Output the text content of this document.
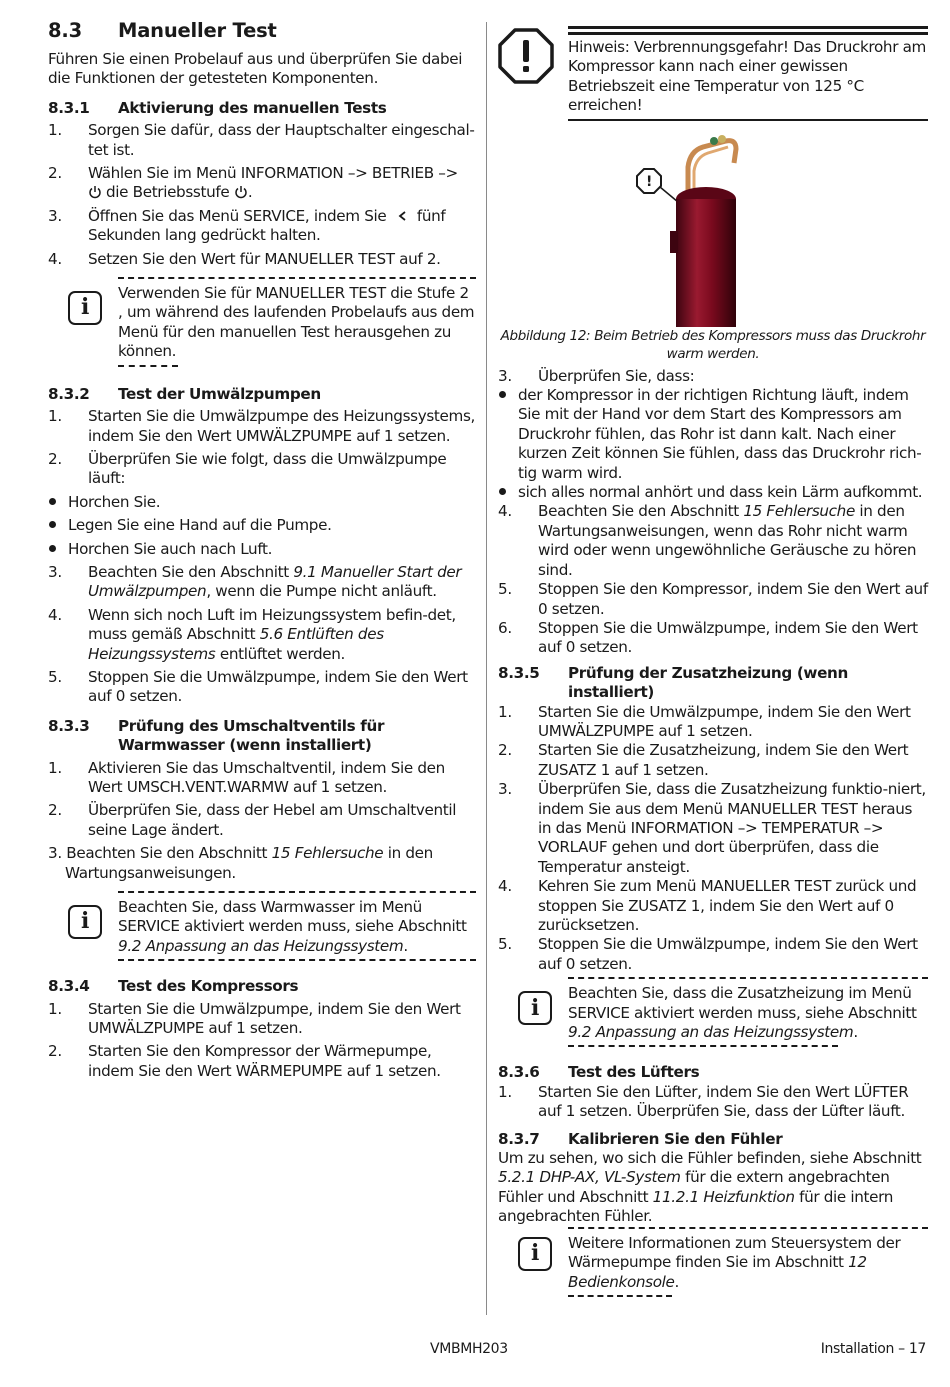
8.3	Manueller Test

Führen Sie einen Probelauf aus und überprüfen Sie dabei die Funktionen der getesteten Komponenten.

8.3.1	Aktivierung des manuellen Tests
1.	Sorgen Sie dafür, dass der Hauptschalter eingeschal-tet ist.
2.	Wählen Sie im Menü INFORMATION –> BETRIEB –>
die Betriebsstufe .
3.	Öffnen Sie das Menü SERVICE, indem Sie fünf Sekunden lang gedrückt halten.
4.	Setzen Sie den Wert für MANUELLER TEST auf 2.
i
Verwenden Sie für MANUELLER TEST die Stufe 2 , um während des laufenden Probelaufs aus dem Menü für den manuellen Test herausgehen zu können.
8.3.2	Test der Umwälzpumpen
1.	Starten Sie die Umwälzpumpe des Heizungssystems, indem Sie den Wert UMWÄLZPUMPE auf 1 setzen.
2.	Überprüfen Sie wie folgt, dass die Umwälzpumpe läuft:
Horchen Sie.
Legen Sie eine Hand auf die Pumpe.
Horchen Sie auch nach Luft.
3.	Beachten Sie den Abschnitt 9.1 Manueller Start der Umwälzpumpen, wenn die Pumpe nicht anläuft.
4.	Wenn sich noch Luft im Heizungssystem befin-det, muss gemäß Abschnitt 5.6 Entlüften des Heizungssystems entlüftet werden.
5.	Stoppen Sie die Umwälzpumpe, indem Sie den Wert auf 0 setzen.
8.3.3	Prüfung des Umschaltventils für Warmwasser (wenn installiert)
1.	Aktivieren Sie das Umschaltventil, indem Sie den Wert UMSCH.VENT.WARMW auf 1 setzen.
2.	Überprüfen Sie, dass der Hebel am Umschaltventil seine Lage ändert.
3. Beachten Sie den Abschnitt 15 Fehlersuche in den Wartungsanweisungen.
i
Beachten Sie, dass Warmwasser im Menü SERVICE aktiviert werden muss, siehe Abschnitt 9.2 Anpassung an das Heizungssystem.
8.3.4	Test des Kompressors
1.	Starten Sie die Umwälzpumpe, indem Sie den Wert UMWÄLZPUMPE auf 1 setzen.
2.	Starten Sie den Kompressor der Wärmepumpe, indem Sie den Wert WÄRMEPUMPE auf 1 setzen.
Hinweis: Verbrennungsgefahr! Das Druckrohr am Kompressor kann nach einer gewissen Betriebszeit eine Temperatur von 125 °C erreichen!
!
Abbildung 12: Beim Betrieb des Kompressors muss das Druckrohr warm werden.
3.	Überprüfen Sie, dass:
der Kompressor in der richtigen Richtung läuft, indem Sie mit der Hand vor dem Start des Kompressors am Druckrohr fühlen, das Rohr ist dann kalt. Nach einer kurzen Zeit können Sie fühlen, dass das Druckrohr rich-tig warm wird.
sich alles normal anhört und dass kein Lärm aufkommt.
4.	Beachten Sie den Abschnitt 15 Fehlersuche in den Wartungsanweisungen, wenn das Rohr nicht warm wird oder wenn ungewöhnliche Geräusche zu hören sind.
5.	Stoppen Sie den Kompressor, indem Sie den Wert auf 0 setzen.
6.	Stoppen Sie die Umwälzpumpe, indem Sie den Wert auf 0 setzen.
8.3.5	Prüfung der Zusatzheizung (wenn installiert)
1.	Starten Sie die Umwälzpumpe, indem Sie den Wert UMWÄLZPUMPE auf 1 setzen.
2.	Starten Sie die Zusatzheizung, indem Sie den Wert ZUSATZ 1 auf 1 setzen.
3.	Überprüfen Sie, dass die Zusatzheizung funktio-niert, indem Sie aus dem Menü MANUELLER TEST heraus in das Menü INFORMATION –> TEMPERATUR –> VORLAUF gehen und dort überprüfen, dass die Temperatur ansteigt.
4.	Kehren Sie zum Menü MANUELLER TEST zurück und stoppen Sie ZUSATZ 1, indem Sie den Wert auf 0 zurücksetzen.
5.	Stoppen Sie die Umwälzpumpe, indem Sie den Wert auf 0 setzen.
i
Beachten Sie, dass die Zusatzheizung im Menü SERVICE aktiviert werden muss, siehe Abschnitt 9.2 Anpassung an das Heizungssystem.
8.3.6	Test des Lüfters
1.	Starten Sie den Lüfter, indem Sie den Wert LÜFTER auf 1 setzen. Überprüfen Sie, dass der Lüfter läuft.
8.3.7	Kalibrieren Sie den Fühler

Um zu sehen, wo sich die Fühler befinden, siehe Abschnitt 5.2.1 DHP-AX, VL-System für die extern angebrachten Fühler und Abschnitt 11.2.1 Heizfunktion für die intern angebrachten Fühler.

i	Weitere Informationen zum Steuersystem der Wärmepumpe finden Sie im Abschnitt 12 Bedienkonsole.
VMBMH203	Installation – 17
